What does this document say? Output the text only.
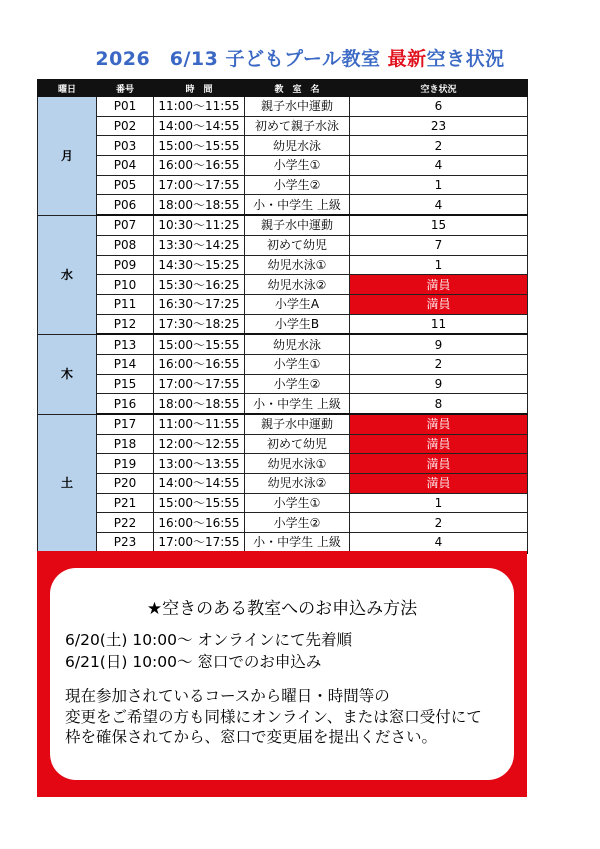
2026　6/13 子どもプール教室 最新空き状況
曜日	番号	時　間	教　室　名	空き状況
月	P01	11:00～11:55	親子水中運動	6
	P02	14:00～14:55	初めて親子水泳	23
	P03	15:00～15:55	幼児水泳	2
	P04	16:00～16:55	小学生①	4
	P05	17:00～17:55	小学生②	1
	P06	18:00～18:55	小・中学生 上級	4
水	P07	10:30～11:25	親子水中運動	15
	P08	13:30～14:25	初めて幼児	7
	P09	14:30～15:25	幼児水泳①	1
	P10	15:30～16:25	幼児水泳②	満員
	P11	16:30～17:25	小学生A	満員
	P12	17:30～18:25	小学生B	11
木	P13	15:00～15:55	幼児水泳	9
	P14	16:00～16:55	小学生①	2
	P15	17:00～17:55	小学生②	9
	P16	18:00～18:55	小・中学生 上級	8
土	P17	11:00～11:55	親子水中運動	満員
	P18	12:00～12:55	初めて幼児	満員
	P19	13:00～13:55	幼児水泳①	満員
	P20	14:00～14:55	幼児水泳②	満員
	P21	15:00～15:55	小学生①	1
	P22	16:00～16:55	小学生②	2
	P23	17:00～17:55	小・中学生 上級	4
★空きのある教室へのお申込み方法
6/20(土) 10:00～ オンラインにて先着順
6/21(日) 10:00～ 窓口でのお申込み
現在参加されているコースから曜日・時間等の
変更をご希望の方も同様にオンライン、または窓口受付にて
枠を確保されてから、窓口で変更届を提出ください。
